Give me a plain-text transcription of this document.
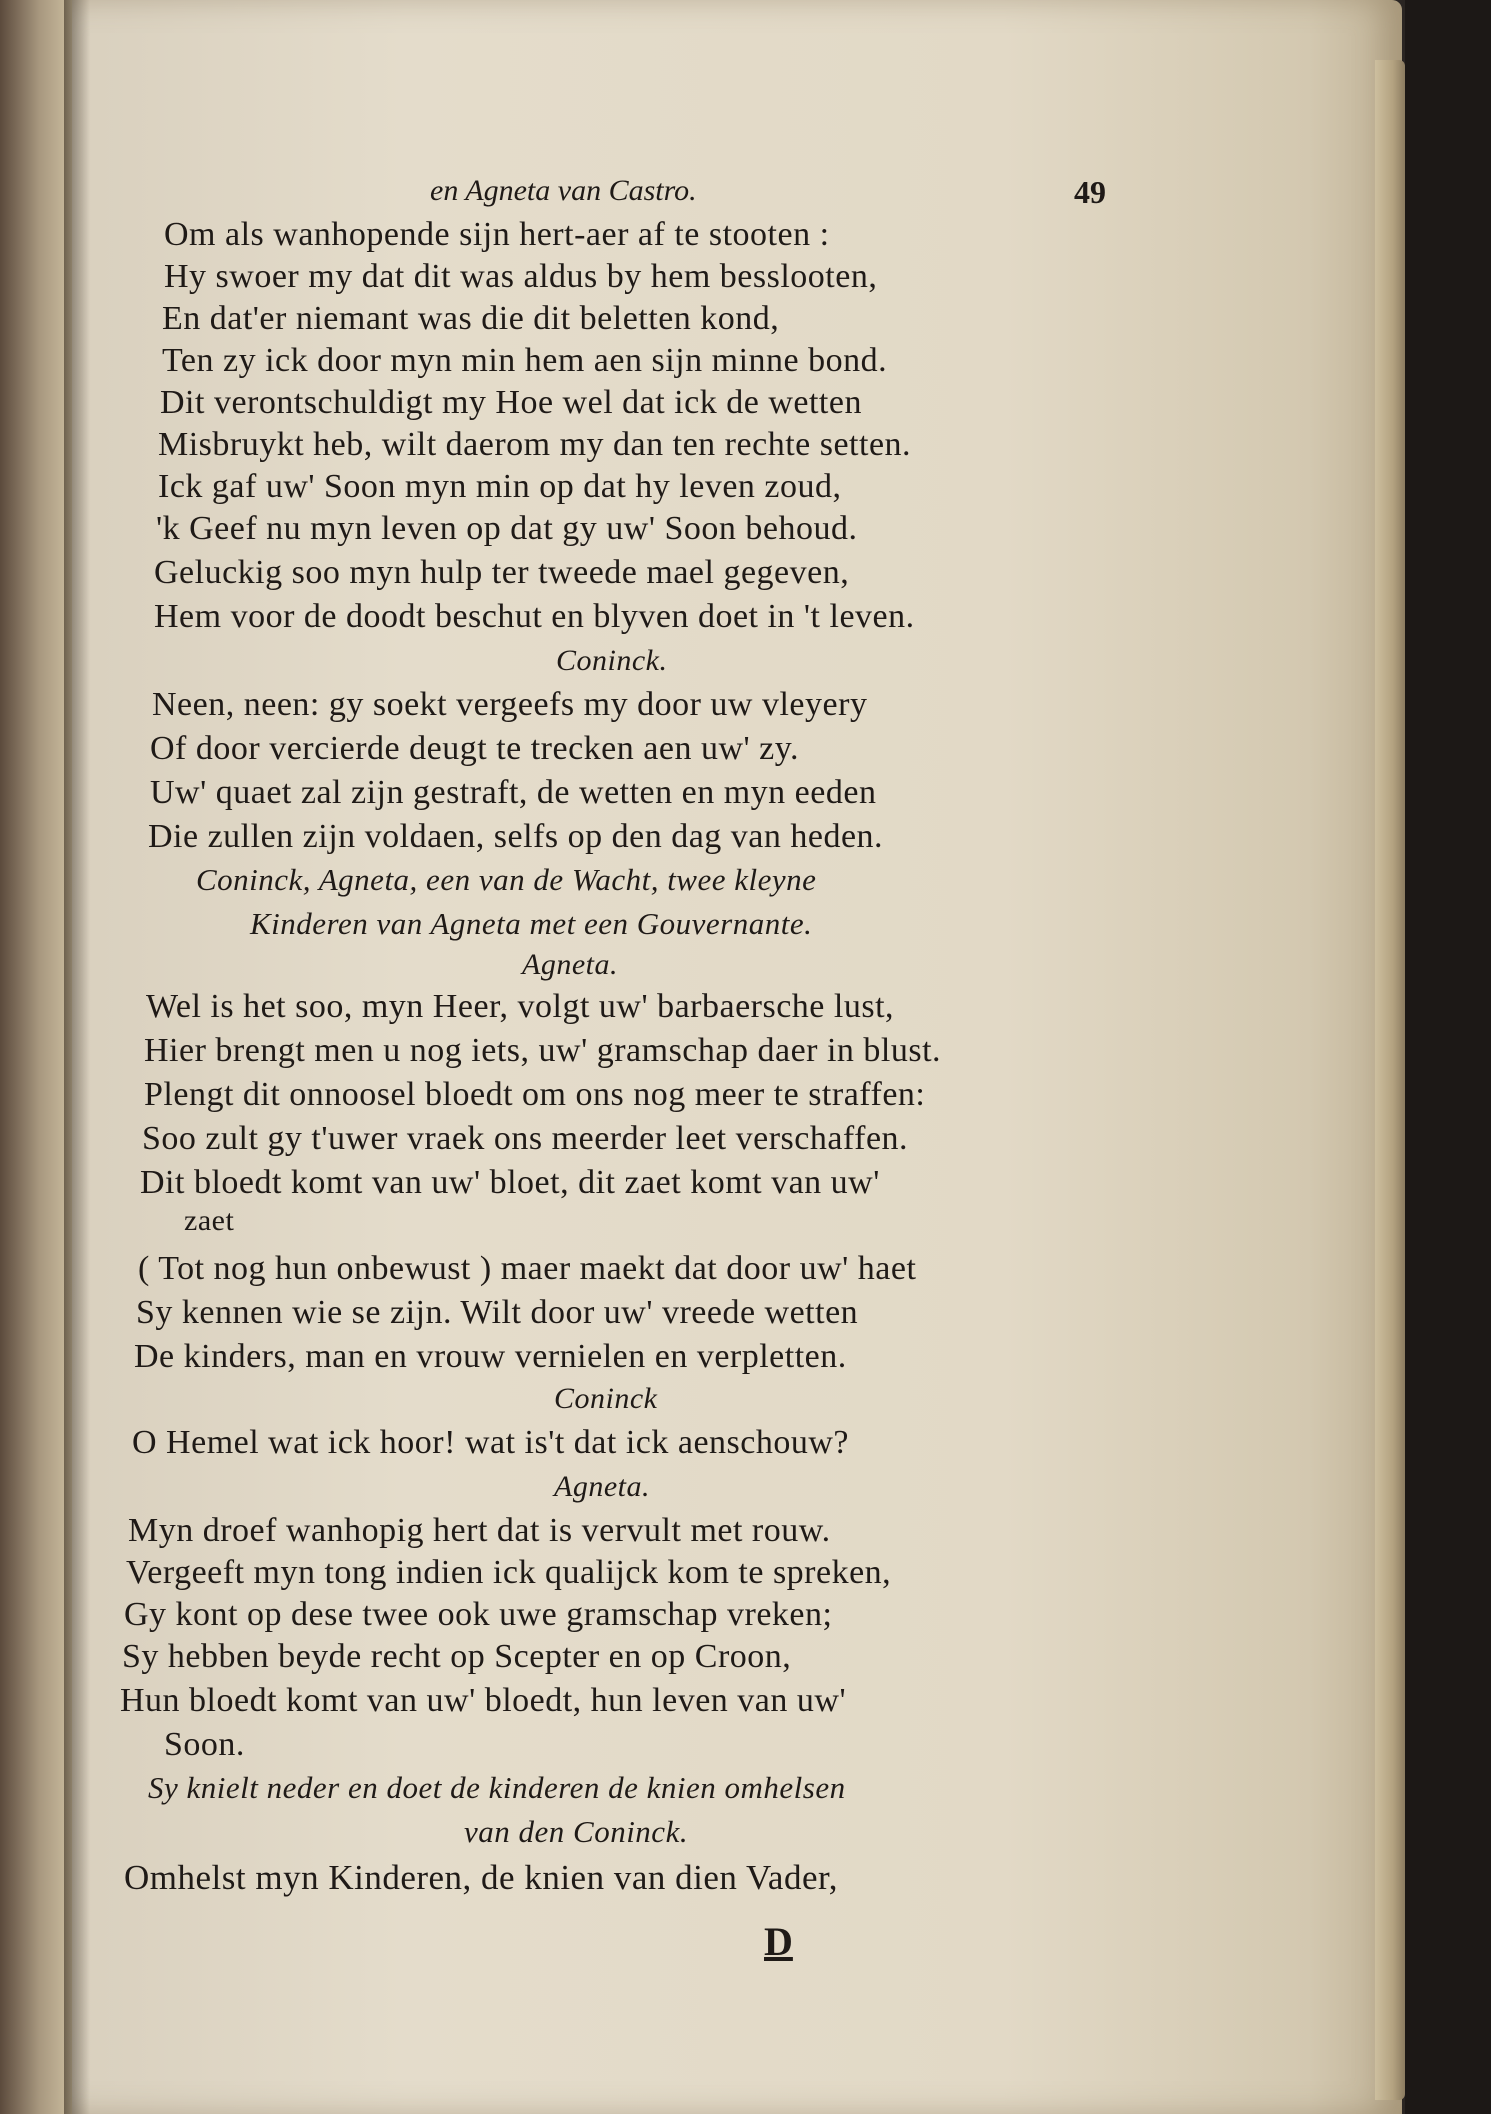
en Agneta van Castro.	49
Om als wanhopende sijn hert-aer af te stooten :
Hy swoer my dat dit was aldus by hem besslooten,
En dat'er niemant was die dit beletten kond,
Ten zy ick door myn min hem aen sijn minne bond.
Dit verontschuldigt my Hoe wel dat ick de wetten
Misbruykt heb, wilt daerom my dan ten rechte setten.
Ick gaf uw' Soon myn min op dat hy leven zoud,
'k Geef nu myn leven op dat gy uw' Soon behoud.
Geluckig soo myn hulp ter tweede mael gegeven,
Hem voor de doodt beschut en blyven doet in 't leven.
Coninck.
Neen, neen: gy soekt vergeefs my door uw vleyery
Of door vercierde deugt te trecken aen uw' zy.
Uw' quaet zal zijn gestraft, de wetten en myn eeden
Die zullen zijn voldaen, selfs op den dag van heden.
Coninck, Agneta, een van de Wacht, twee kleyne
Kinderen van Agneta met een Gouvernante.
Agneta.
Wel is het soo, myn Heer, volgt uw' barbaersche lust,
Hier brengt men u nog iets, uw' gramschap daer in blust.
Plengt dit onnoosel bloedt om ons nog meer te straffen:
Soo zult gy t'uwer vraek ons meerder leet verschaffen.
Dit bloedt komt van uw' bloet, dit zaet komt van uw'
zaet
( Tot nog hun onbewust ) maer maekt dat door uw' haet
Sy kennen wie se zijn. Wilt door uw' vreede wetten
De kinders, man en vrouw vernielen en verpletten.
Coninck
O Hemel wat ick hoor! wat is't dat ick aenschouw?
Agneta.
Myn droef wanhopig hert dat is vervult met rouw.
Vergeeft myn tong indien ick qualijck kom te spreken,
Gy kont op dese twee ook uwe gramschap vreken;
Sy hebben beyde recht op Scepter en op Croon,
Hun bloedt komt van uw' bloedt, hun leven van uw'
Soon.
Sy knielt neder en doet de kinderen de knien omhelsen
van den Coninck.
Omhelst myn Kinderen, de knien van dien Vader,
D
